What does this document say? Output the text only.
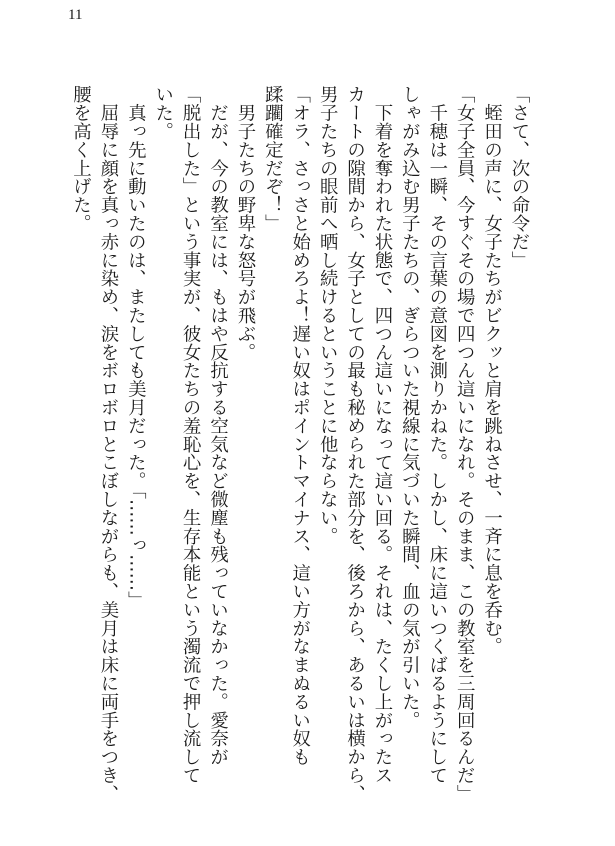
11
「さて、次の命令だ」
　蛭田の声に、女子たちがビクッと肩を跳ねさせ、一斉に息を呑む。
「女子全員、今すぐその場で四つん這いになれ。そのまま、この教室を三周回るんだ」
　千穂は一瞬、その言葉の意図を測りかねた。しかし、床に這いつくばるようにして
しゃがみ込む男子たちの、ぎらついた視線に気づいた瞬間、血の気が引いた。
　下着を奪われた状態で、四つん這いになって這い回る。それは、たくし上がったス
カートの隙間から、女子としての最も秘められた部分を、後ろから、あるいは横から、
男子たちの眼前へ晒し続けるということに他ならない。
「オラ、さっさと始めろよ！遅い奴はポイントマイナス、這い方がなまぬるい奴も
蹂躙確定だぞ！」
　男子たちの野卑な怒号が飛ぶ。
　だが、今の教室には、もはや反抗する空気など微塵も残っていなかった。愛奈が
「脱出した」という事実が、彼女たちの羞恥心を、生存本能という濁流で押し流して
いた。
　真っ先に動いたのは、またしても美月だった。「……っ……」
　屈辱に顔を真っ赤に染め、涙をボロボロとこぼしながらも、美月は床に両手をつき、
腰を高く上げた。
